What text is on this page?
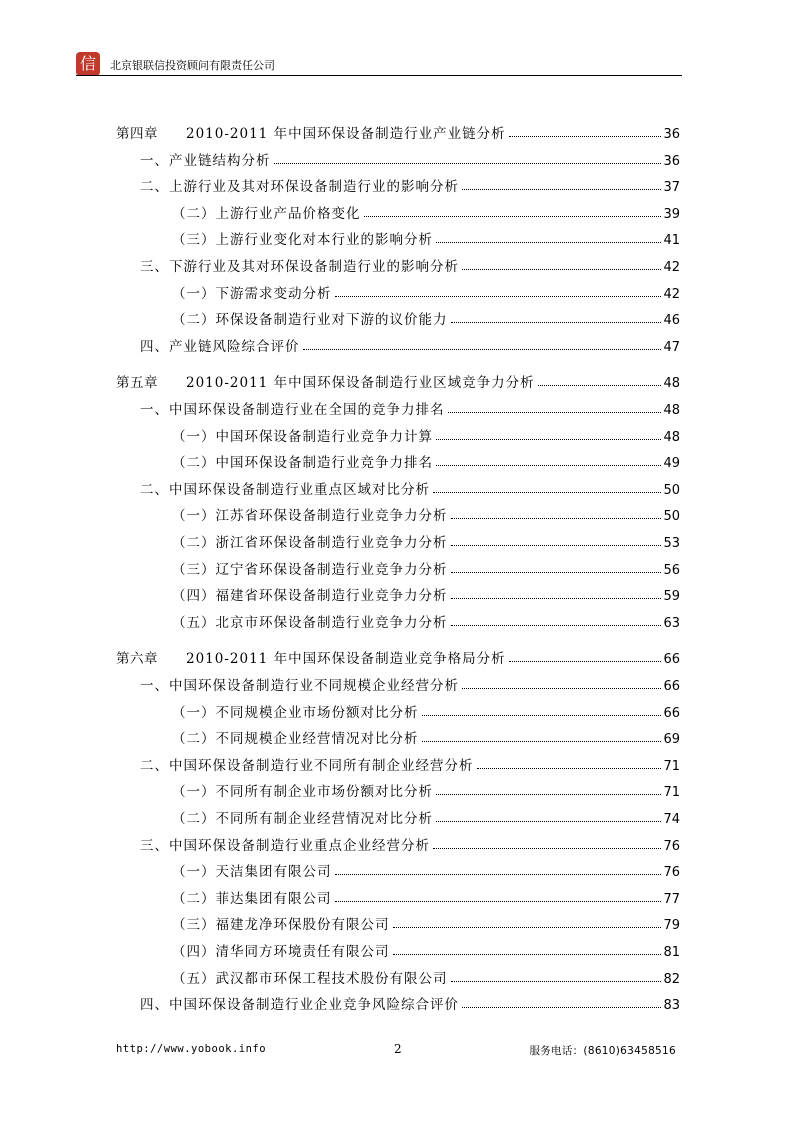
信	北京银联信投资顾问有限责任公司
第四章 2010-2011 年中国环保设备制造行业产业链分析	36
一、产业链结构分析	36
二、上游行业及其对环保设备制造行业的影响分析	37
（二）上游行业产品价格变化	39
（三）上游行业变化对本行业的影响分析	41
三、下游行业及其对环保设备制造行业的影响分析	42
（一）下游需求变动分析	42
（二）环保设备制造行业对下游的议价能力	46
四、产业链风险综合评价	47
第五章 2010-2011 年中国环保设备制造行业区域竞争力分析	48
一、中国环保设备制造行业在全国的竞争力排名	48
（一）中国环保设备制造行业竞争力计算	48
（二）中国环保设备制造行业竞争力排名	49
二、中国环保设备制造行业重点区域对比分析	50
（一）江苏省环保设备制造行业竞争力分析	50
（二）浙江省环保设备制造行业竞争力分析	53
（三）辽宁省环保设备制造行业竞争力分析	56
（四）福建省环保设备制造行业竞争力分析	59
（五）北京市环保设备制造行业竞争力分析	63
第六章 2010-2011 年中国环保设备制造业竞争格局分析	66
一、中国环保设备制造行业不同规模企业经营分析	66
（一）不同规模企业市场份额对比分析	66
（二）不同规模企业经营情况对比分析	69
二、中国环保设备制造行业不同所有制企业经营分析	71
（一）不同所有制企业市场份额对比分析	71
（二）不同所有制企业经营情况对比分析	74
三、中国环保设备制造行业重点企业经营分析	76
（一）天洁集团有限公司	76
（二）菲达集团有限公司	77
（三）福建龙净环保股份有限公司	79
（四）清华同方环境责任有限公司	81
（五）武汉都市环保工程技术股份有限公司	82
四、中国环保设备制造行业企业竞争风险综合评价	83
http://www.yobook.info	2	服务电话：(8610)63458516
